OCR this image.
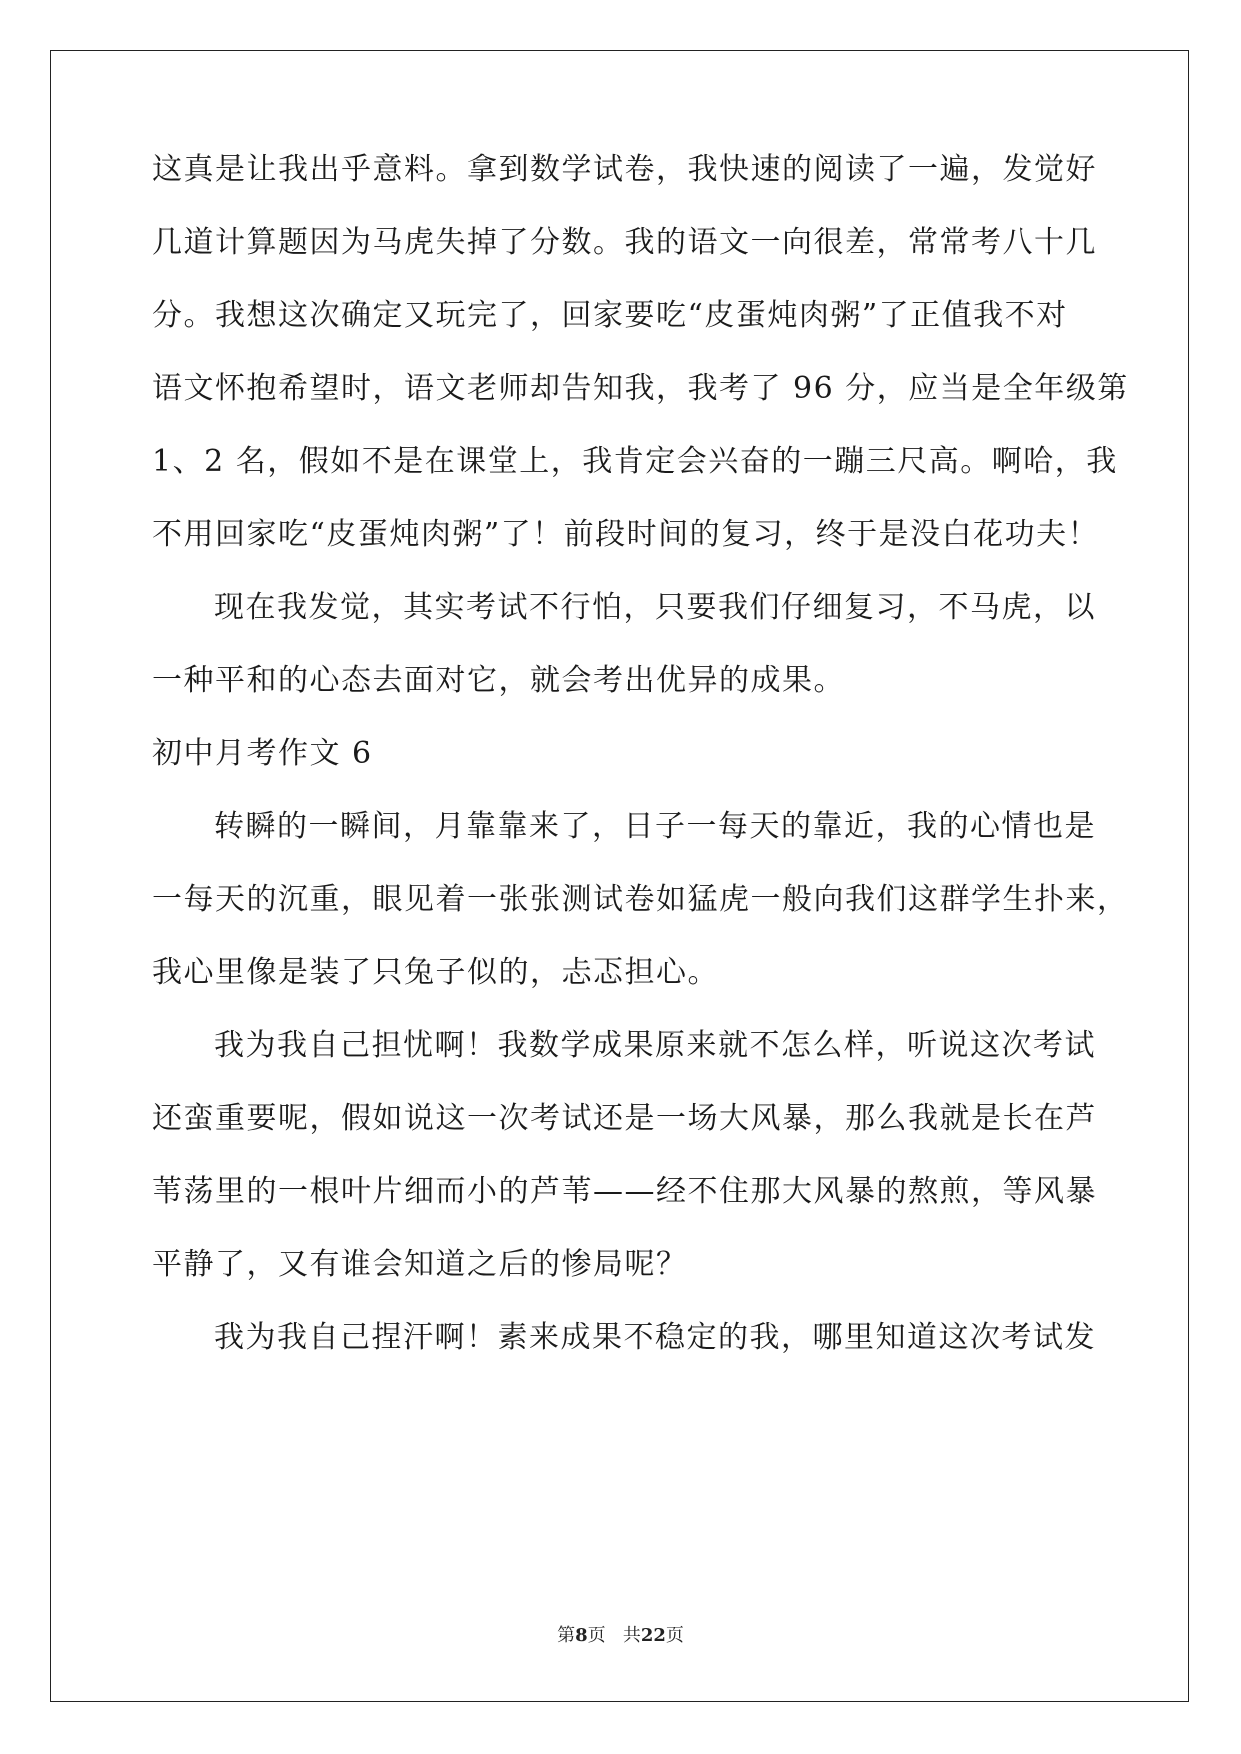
这真是让我出乎意料。拿到数学试卷，我快速的阅读了一遍，发觉好
几道计算题因为马虎失掉了分数。我的语文一向很差，常常考八十几
分。我想这次确定又玩完了，回家要吃“皮蛋炖肉粥”了正值我不对
语文怀抱希望时，语文老师却告知我，我考了 96 分，应当是全年级第
1、2 名，假如不是在课堂上，我肯定会兴奋的一蹦三尺高。啊哈，我
不用回家吃“皮蛋炖肉粥”了！前段时间的复习，终于是没白花功夫！
现在我发觉，其实考试不行怕，只要我们仔细复习，不马虎，以
一种平和的心态去面对它，就会考出优异的成果。
初中月考作文 6
转瞬的一瞬间，月靠靠来了，日子一每天的靠近，我的心情也是
一每天的沉重，眼见着一张张测试卷如猛虎一般向我们这群学生扑来，
我心里像是装了只兔子似的，忐忑担心。
我为我自己担忧啊！我数学成果原来就不怎么样，听说这次考试
还蛮重要呢，假如说这一次考试还是一场大风暴，那么我就是长在芦
苇荡里的一根叶片细而小的芦苇——经不住那大风暴的熬煎，等风暴
平静了，又有谁会知道之后的惨局呢？
我为我自己捏汗啊！素来成果不稳定的我，哪里知道这次考试发
第8页 共22页
